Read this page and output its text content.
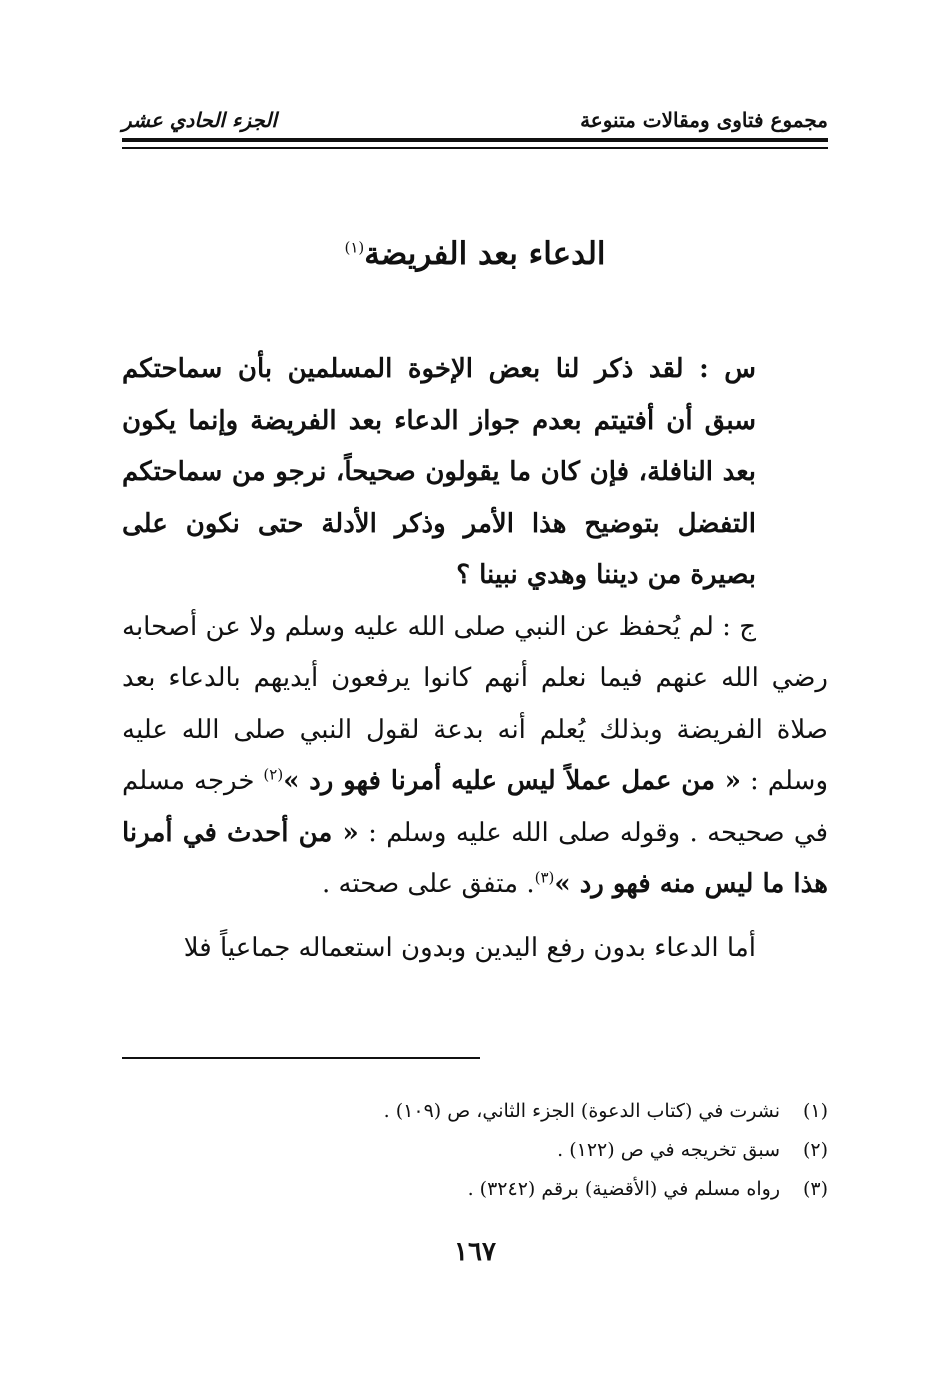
مجموع فتاوى ومقالات متنوعة
الجزء الحادي عشر
الدعاء بعد الفريضة$^{(١)}$

س : لقد ذكر لنا بعض الإخوة المسلمين بأن سماحتكم سبق أن أفتيتم بعدم جواز الدعاء بعد الفريضة وإنما يكون بعد النافلة، فإن كان ما يقولون صحيحاً، نرجو من سماحتكم التفضل بتوضيح هذا الأمر وذكر الأدلة حتى نكون على بصيرة من ديننا وهدي نبينا ؟

ج : لم يُحفظ عن النبي صلى الله عليه وسلم ولا عن أصحابه رضي الله عنهم فيما نعلم أنهم كانوا يرفعون أيديهم بالدعاء بعد صلاة الفريضة وبذلك يُعلم أنه بدعة لقول النبي صلى الله عليه وسلم : « من عمل عملاً ليس عليه أمرنا فهو رد »$^{(٢)}$ خرجه مسلم في صحيحه . وقوله صلى الله عليه وسلم : « من أحدث في أمرنا هذا ما ليس منه فهو رد »$^{(٣)}$. متفق على صحته .

أما الدعاء بدون رفع اليدين وبدون استعماله جماعياً فلا

(١)
نشرت في (كتاب الدعوة) الجزء الثاني، ص (١٠٩) .
(٢)
سبق تخريجه في ص (١٢٢) .
(٣)
رواه مسلم في (الأقضية) برقم (٣٢٤٢) .
١٦٧
